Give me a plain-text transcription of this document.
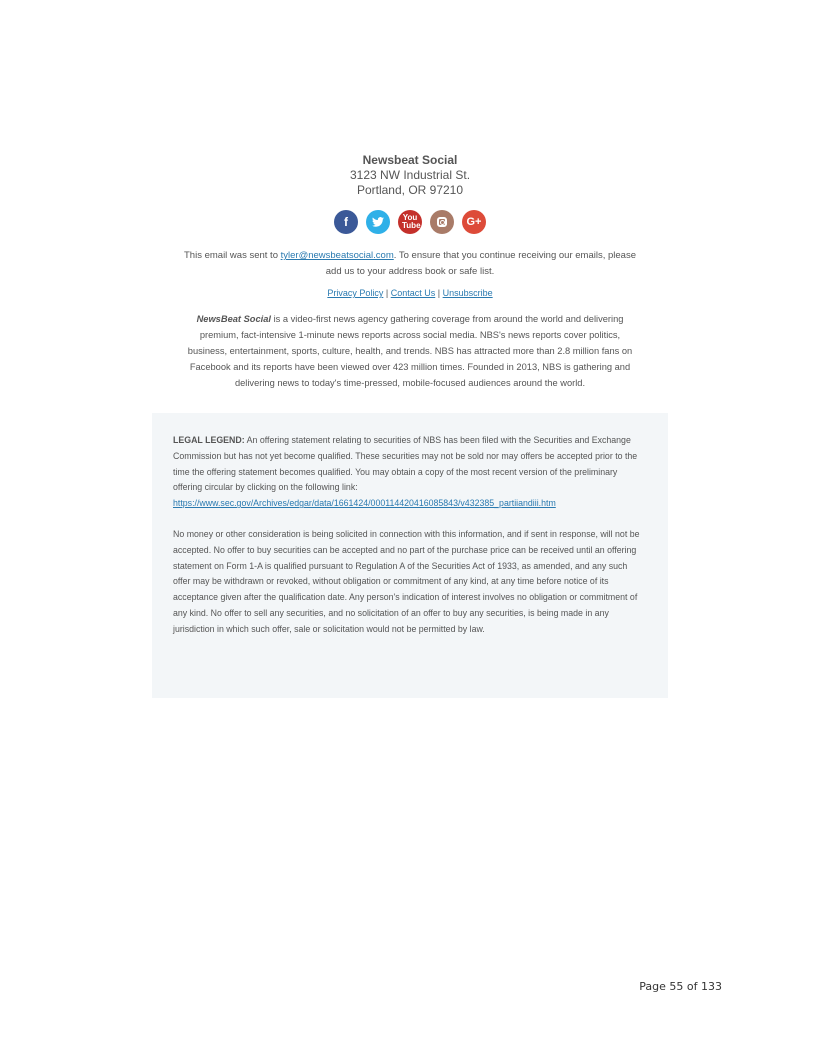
Newsbeat Social
3123 NW Industrial St.
Portland, OR 97210
f	You Tube	G+
This email was sent to tyler@newsbeatsocial.com. To ensure that you continue receiving our emails, please add us to your address book or safe list.
Privacy Policy | Contact Us | Unsubscribe
NewsBeat Social is a video-first news agency gathering coverage from around the world and delivering premium, fact-intensive 1-minute news reports across social media. NBS's news reports cover politics, business, entertainment, sports, culture, health, and trends. NBS has attracted more than 2.8 million fans on Facebook and its reports have been viewed over 423 million times. Founded in 2013, NBS is gathering and delivering news to today's time-pressed, mobile-focused audiences around the world.

LEGAL LEGEND: An offering statement relating to securities of NBS has been filed with the Securities and Exchange Commission but has not yet become qualified. These securities may not be sold nor may offers be accepted prior to the time the offering statement becomes qualified. You may obtain a copy of the most recent version of the preliminary offering circular by clicking on the following link:
https://www.sec.gov/Archives/edgar/data/1661424/000114420416085843/v432385_partiiandiii.htm

No money or other consideration is being solicited in connection with this information, and if sent in response, will not be accepted. No offer to buy securities can be accepted and no part of the purchase price can be received until an offering statement on Form 1-A is qualified pursuant to Regulation A of the Securities Act of 1933, as amended, and any such offer may be withdrawn or revoked, without obligation or commitment of any kind, at any time before notice of its acceptance given after the qualification date. Any person's indication of interest involves no obligation or commitment of any kind. No offer to sell any securities, and no solicitation of an offer to buy any securities, is being made in any jurisdiction in which such offer, sale or solicitation would not be permitted by law.

Page 55 of 133
